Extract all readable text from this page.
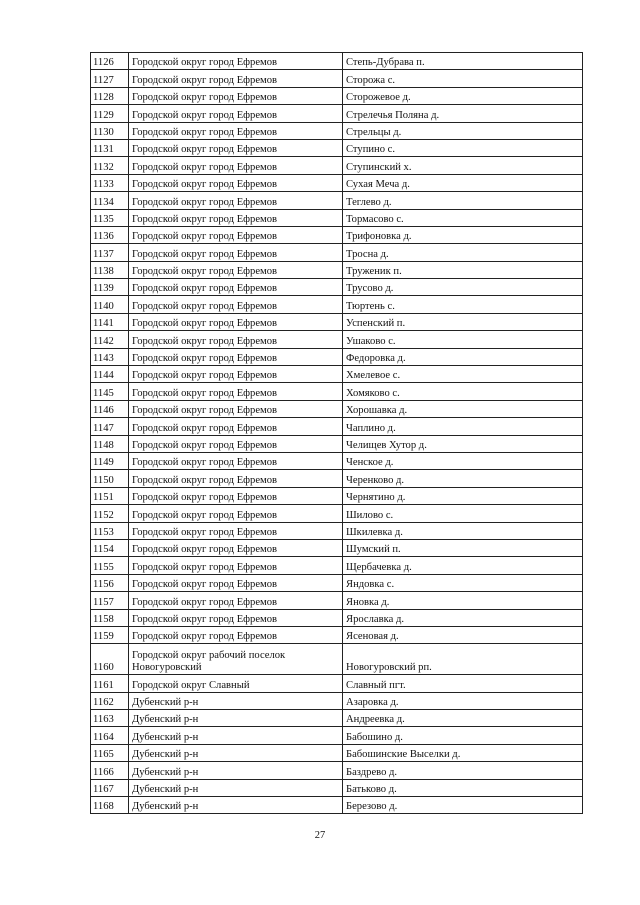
1126	Городской округ город Ефремов	Степь-Дубрава п.
1127	Городской округ город Ефремов	Сторожа с.
1128	Городской округ город Ефремов	Сторожевое д.
1129	Городской округ город Ефремов	Стрелечья Поляна д.
1130	Городской округ город Ефремов	Стрельцы д.
1131	Городской округ город Ефремов	Ступино с.
1132	Городской округ город Ефремов	Ступинский х.
1133	Городской округ город Ефремов	Сухая Меча д.
1134	Городской округ город Ефремов	Теглево д.
1135	Городской округ город Ефремов	Тормасово с.
1136	Городской округ город Ефремов	Трифоновка д.
1137	Городской округ город Ефремов	Тросна д.
1138	Городской округ город Ефремов	Труженик п.
1139	Городской округ город Ефремов	Трусово д.
1140	Городской округ город Ефремов	Тюртень с.
1141	Городской округ город Ефремов	Успенский п.
1142	Городской округ город Ефремов	Ушаково с.
1143	Городской округ город Ефремов	Федоровка д.
1144	Городской округ город Ефремов	Хмелевое с.
1145	Городской округ город Ефремов	Хомяково с.
1146	Городской округ город Ефремов	Хорошавка д.
1147	Городской округ город Ефремов	Чаплино д.
1148	Городской округ город Ефремов	Челищев Хутор д.
1149	Городской округ город Ефремов	Ченское д.
1150	Городской округ город Ефремов	Черенково д.
1151	Городской округ город Ефремов	Чернятино д.
1152	Городской округ город Ефремов	Шилово с.
1153	Городской округ город Ефремов	Шкилевка д.
1154	Городской округ город Ефремов	Шумский п.
1155	Городской округ город Ефремов	Щербачевка д.
1156	Городской округ город Ефремов	Яндовка с.
1157	Городской округ город Ефремов	Яновка д.
1158	Городской округ город Ефремов	Ярославка д.
1159	Городской округ город Ефремов	Ясеновая д.
1160	Городской округ рабочий поселок Новогуровский	Новогуровский рп.
1161	Городской округ Славный	Славный пгт.
1162	Дубенский р-н	Азаровка д.
1163	Дубенский р-н	Андреевка д.
1164	Дубенский р-н	Бабошино д.
1165	Дубенский р-н	Бабошинские Выселки д.
1166	Дубенский р-н	Баздрево д.
1167	Дубенский р-н	Батьково д.
1168	Дубенский р-н	Березово д.
27
